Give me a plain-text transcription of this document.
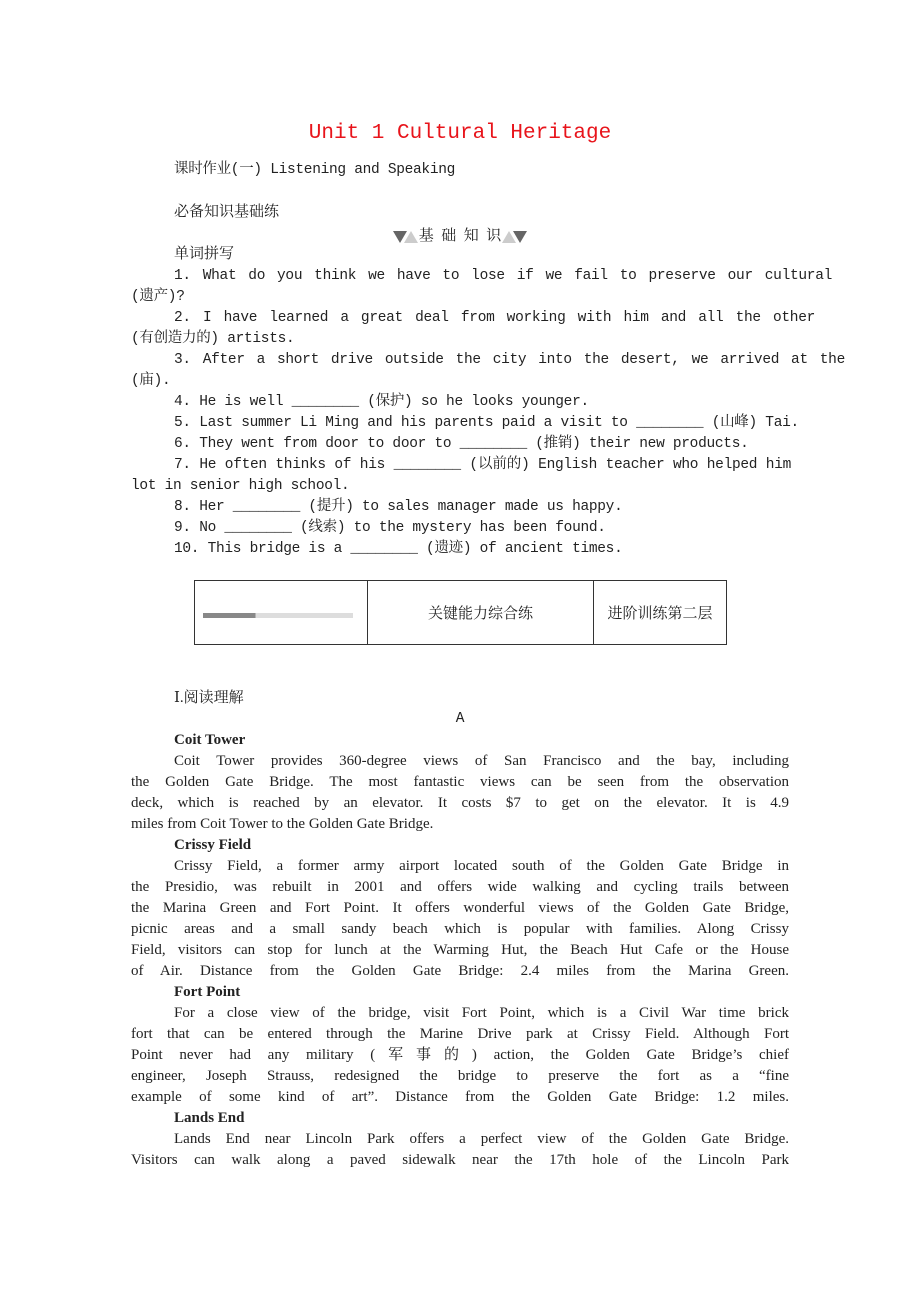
Unit 1 Cultural Heritage
课时作业(一) Listening and Speaking
必备知识基础练
基  础  知  识
单词拼写
1. What do you think we have to lose if we fail to preserve our cultural
(遗产)?
2. I have learned a great deal from working with him and all the other
(有创造力的) artists.
3. After a short drive outside the city into the desert, we arrived at the
(庙).
4. He is well ________ (保护) so he looks younger.
5. Last summer Li Ming and his parents paid a visit to ________ (山峰) Tai.
6. They went from door to door to ________ (推销) their new products.
7. He often thinks of his ________ (以前的) English teacher who helped him
lot in senior high school.
8. Her ________ (提升) to sales manager made us happy.
9. No ________ (线索) to the mystery has been found.
10. This bridge is a ________ (遗迹) of ancient times.
	关键能力综合练	进阶训练第二层
Ⅰ.阅读理解
A
Coit Tower
Coit Tower provides 360-degree views of San Francisco and the bay, including
the Golden Gate Bridge. The most fantastic views can be seen from the observation
deck, which is reached by an elevator. It costs $7 to get on the elevator. It is 4.9
miles from Coit Tower to the Golden Gate Bridge.
Crissy Field
Crissy Field, a former army airport located south of the Golden Gate Bridge in
the Presidio, was rebuilt in 2001 and offers wide walking and cycling trails between
the Marina Green and Fort Point. It offers wonderful views of the Golden Gate Bridge,
picnic areas and a small sandy beach which is popular with families. Along Crissy
Field, visitors can stop for lunch at the Warming Hut, the Beach Hut Cafe or the House
of Air. Distance from the Golden Gate Bridge: 2.4 miles from the Marina Green.
Fort Point
For a close view of the bridge, visit Fort Point, which is a Civil War time brick
fort that can be entered through the Marine Drive park at Crissy Field. Although Fort
Point never had any military (军事的) action, the Golden Gate Bridge’s chief
engineer, Joseph Strauss, redesigned the bridge to preserve the fort as a “fine
example of some kind of art”. Distance from the Golden Gate Bridge: 1.2 miles.
Lands End
Lands End near Lincoln Park offers a perfect view of the Golden Gate Bridge.
Visitors can walk along a paved sidewalk near the 17th hole of the Lincoln Park
